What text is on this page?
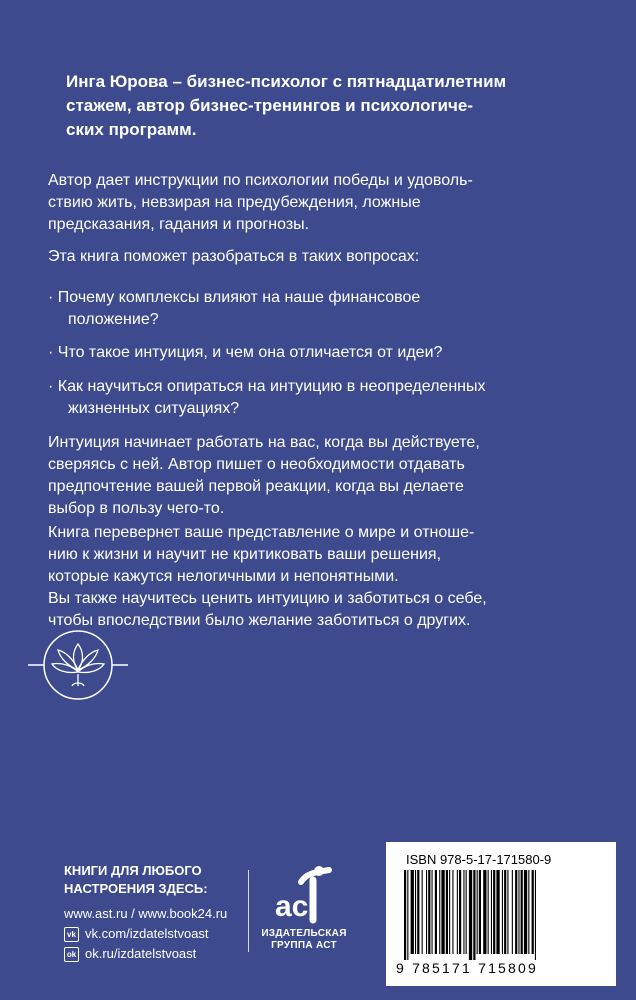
Инга Юрова – бизнес-психолог с пятнадцатилетним
стажем, автор бизнес-тренингов и психологиче-
ских программ.

Автор дает инструкции по психологии победы и удоволь-
ствию жить, невзирая на предубеждения, ложные
предсказания, гадания и прогнозы.

Эта книга поможет разобраться в таких вопросах:

· Почему комплексы влияют на наше финансовое
положение?

· Что такое интуиция, и чем она отличается от идеи?

· Как научиться опираться на интуицию в неопределенных
жизненных ситуациях?

Интуиция начинает работать на вас, когда вы действуете,
сверяясь с ней. Автор пишет о необходимости отдавать
предпочтение вашей первой реакции, когда вы делаете
выбор в пользу чего-то.

Книга перевернет ваше представление о мире и отноше-
нию к жизни и научит не критиковать ваши решения,
которые кажутся нелогичными и непонятными.
Вы также научитесь ценить интуицию и заботиться о себе,
чтобы впоследствии было желание заботиться о других.

КНИГИ ДЛЯ ЛЮБОГО
НАСТРОЕНИЯ ЗДЕСЬ:

www.ast.ru / www.book24.ru
vk vk.com/izdatelstvoast
ok ok.ru/izdatelstvoast
ас
ИЗДАТЕЛЬСКАЯ
ГРУППА АСТ
ISBN 978-5-17-171580-9
9 785171 715809
